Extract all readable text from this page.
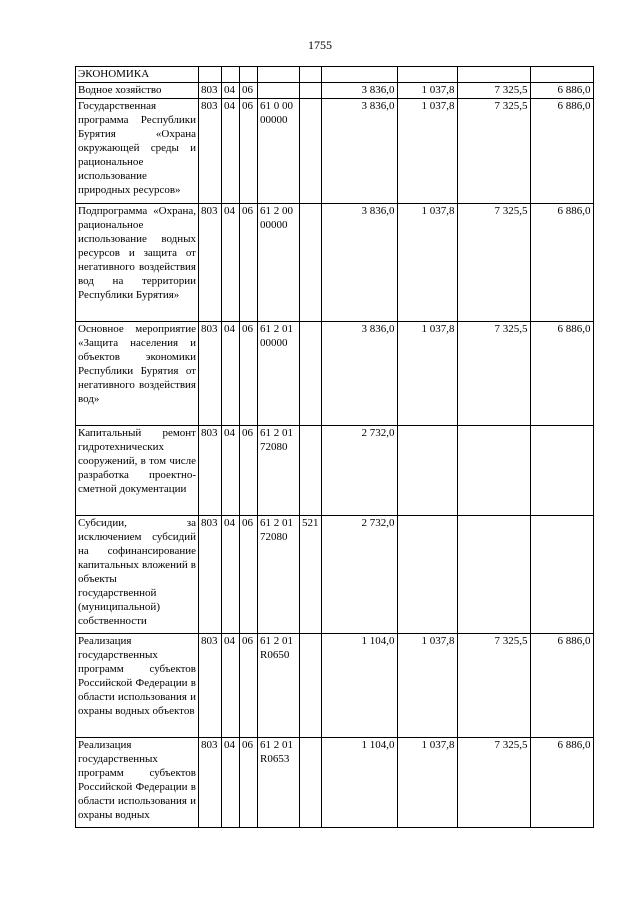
1755
ЭКОНОМИКА									
Водное хозяйство	803	04	06			3 836,0	1 037,8	7 325,5	6 886,0
Государственная программа Республики Бурятия «Охрана окружающей среды и рациональное использование природных ресурсов»	803	04	06	61 0 00 00000		3 836,0	1 037,8	7 325,5	6 886,0
Подпрограмма «Охрана, рациональное использование водных ресурсов и защита от негативного воздействия вод на территории Республики Бурятия»	803	04	06	61 2 00 00000		3 836,0	1 037,8	7 325,5	6 886,0
Основное мероприятие «Защита населения и объектов экономики Республики Бурятия от негативного воздействия вод»	803	04	06	61 2 01 00000		3 836,0	1 037,8	7 325,5	6 886,0
Капитальный ремонт гидротехнических сооружений, в том числе разработка проектно-сметной документации	803	04	06	61 2 01 72080		2 732,0			
Субсидии, за исключением субсидий на софинансирование капитальных вложений в объекты государственной (муниципальной) собственности	803	04	06	61 2 01 72080	521	2 732,0			
Реализация государственных программ субъектов Российской Федерации в области использования и охраны водных объектов	803	04	06	61 2 01 R0650		1 104,0	1 037,8	7 325,5	6 886,0
Реализация государственных программ субъектов Российской Федерации в области использования и охраны водных	803	04	06	61 2 01 R0653		1 104,0	1 037,8	7 325,5	6 886,0
